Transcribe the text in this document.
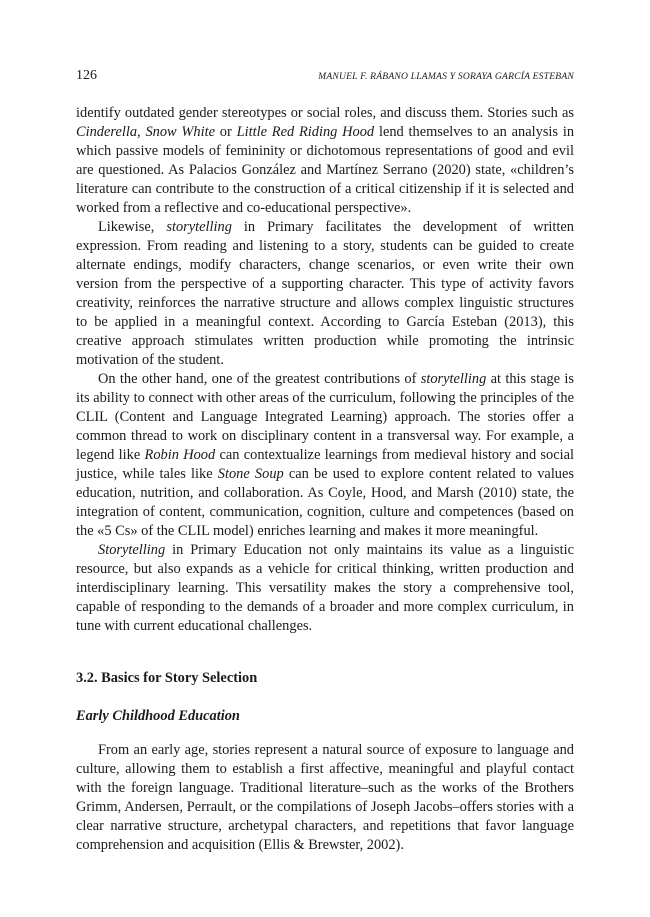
126	MANUEL F. RÁBANO LLAMAS Y SORAYA GARCÍA ESTEBAN

identify outdated gender stereotypes or social roles, and discuss them. Stories such as Cinderella, Snow White or Little Red Riding Hood lend themselves to an analysis in which passive models of femininity or dichotomous representations of good and evil are questioned. As Palacios González and Martínez Serrano (2020) state, «children’s literature can contribute to the construction of a critical citizenship if it is selected and worked from a reflective and co-educational perspective».

Likewise, storytelling in Primary facilitates the development of written expression. From reading and listening to a story, students can be guided to create alternate endings, modify characters, change scenarios, or even write their own version from the perspective of a supporting character. This type of activity favors creativity, reinforces the narrative structure and allows complex linguistic structures to be applied in a meaningful context. According to García Esteban (2013), this creative approach stimulates written production while promoting the intrinsic motivation of the student.

On the other hand, one of the greatest contributions of storytelling at this stage is its ability to connect with other areas of the curriculum, following the principles of the CLIL (Content and Language Integrated Learning) approach. The stories offer a common thread to work on disciplinary content in a transversal way. For example, a legend like Robin Hood can contextualize learnings from medieval history and social justice, while tales like Stone Soup can be used to explore content related to values education, nutrition, and collaboration. As Coyle, Hood, and Marsh (2010) state, the integration of content, communication, cognition, culture and competences (based on the «5 Cs» of the CLIL model) enriches learning and makes it more meaningful.

Storytelling in Primary Education not only maintains its value as a linguistic resource, but also expands as a vehicle for critical thinking, written production and interdisciplinary learning. This versatility makes the story a comprehensive tool, capable of responding to the demands of a broader and more complex curriculum, in tune with current educational challenges.

3.2. Basics for Story Selection
Early Childhood Education

From an early age, stories represent a natural source of exposure to language and culture, allowing them to establish a first affective, meaningful and playful contact with the foreign language. Traditional literature–such as the works of the Brothers Grimm, Andersen, Perrault, or the compilations of Joseph Jacobs–offers stories with a clear narrative structure, archetypal characters, and repetitions that favor language comprehension and acquisition (Ellis & Brewster, 2002).
